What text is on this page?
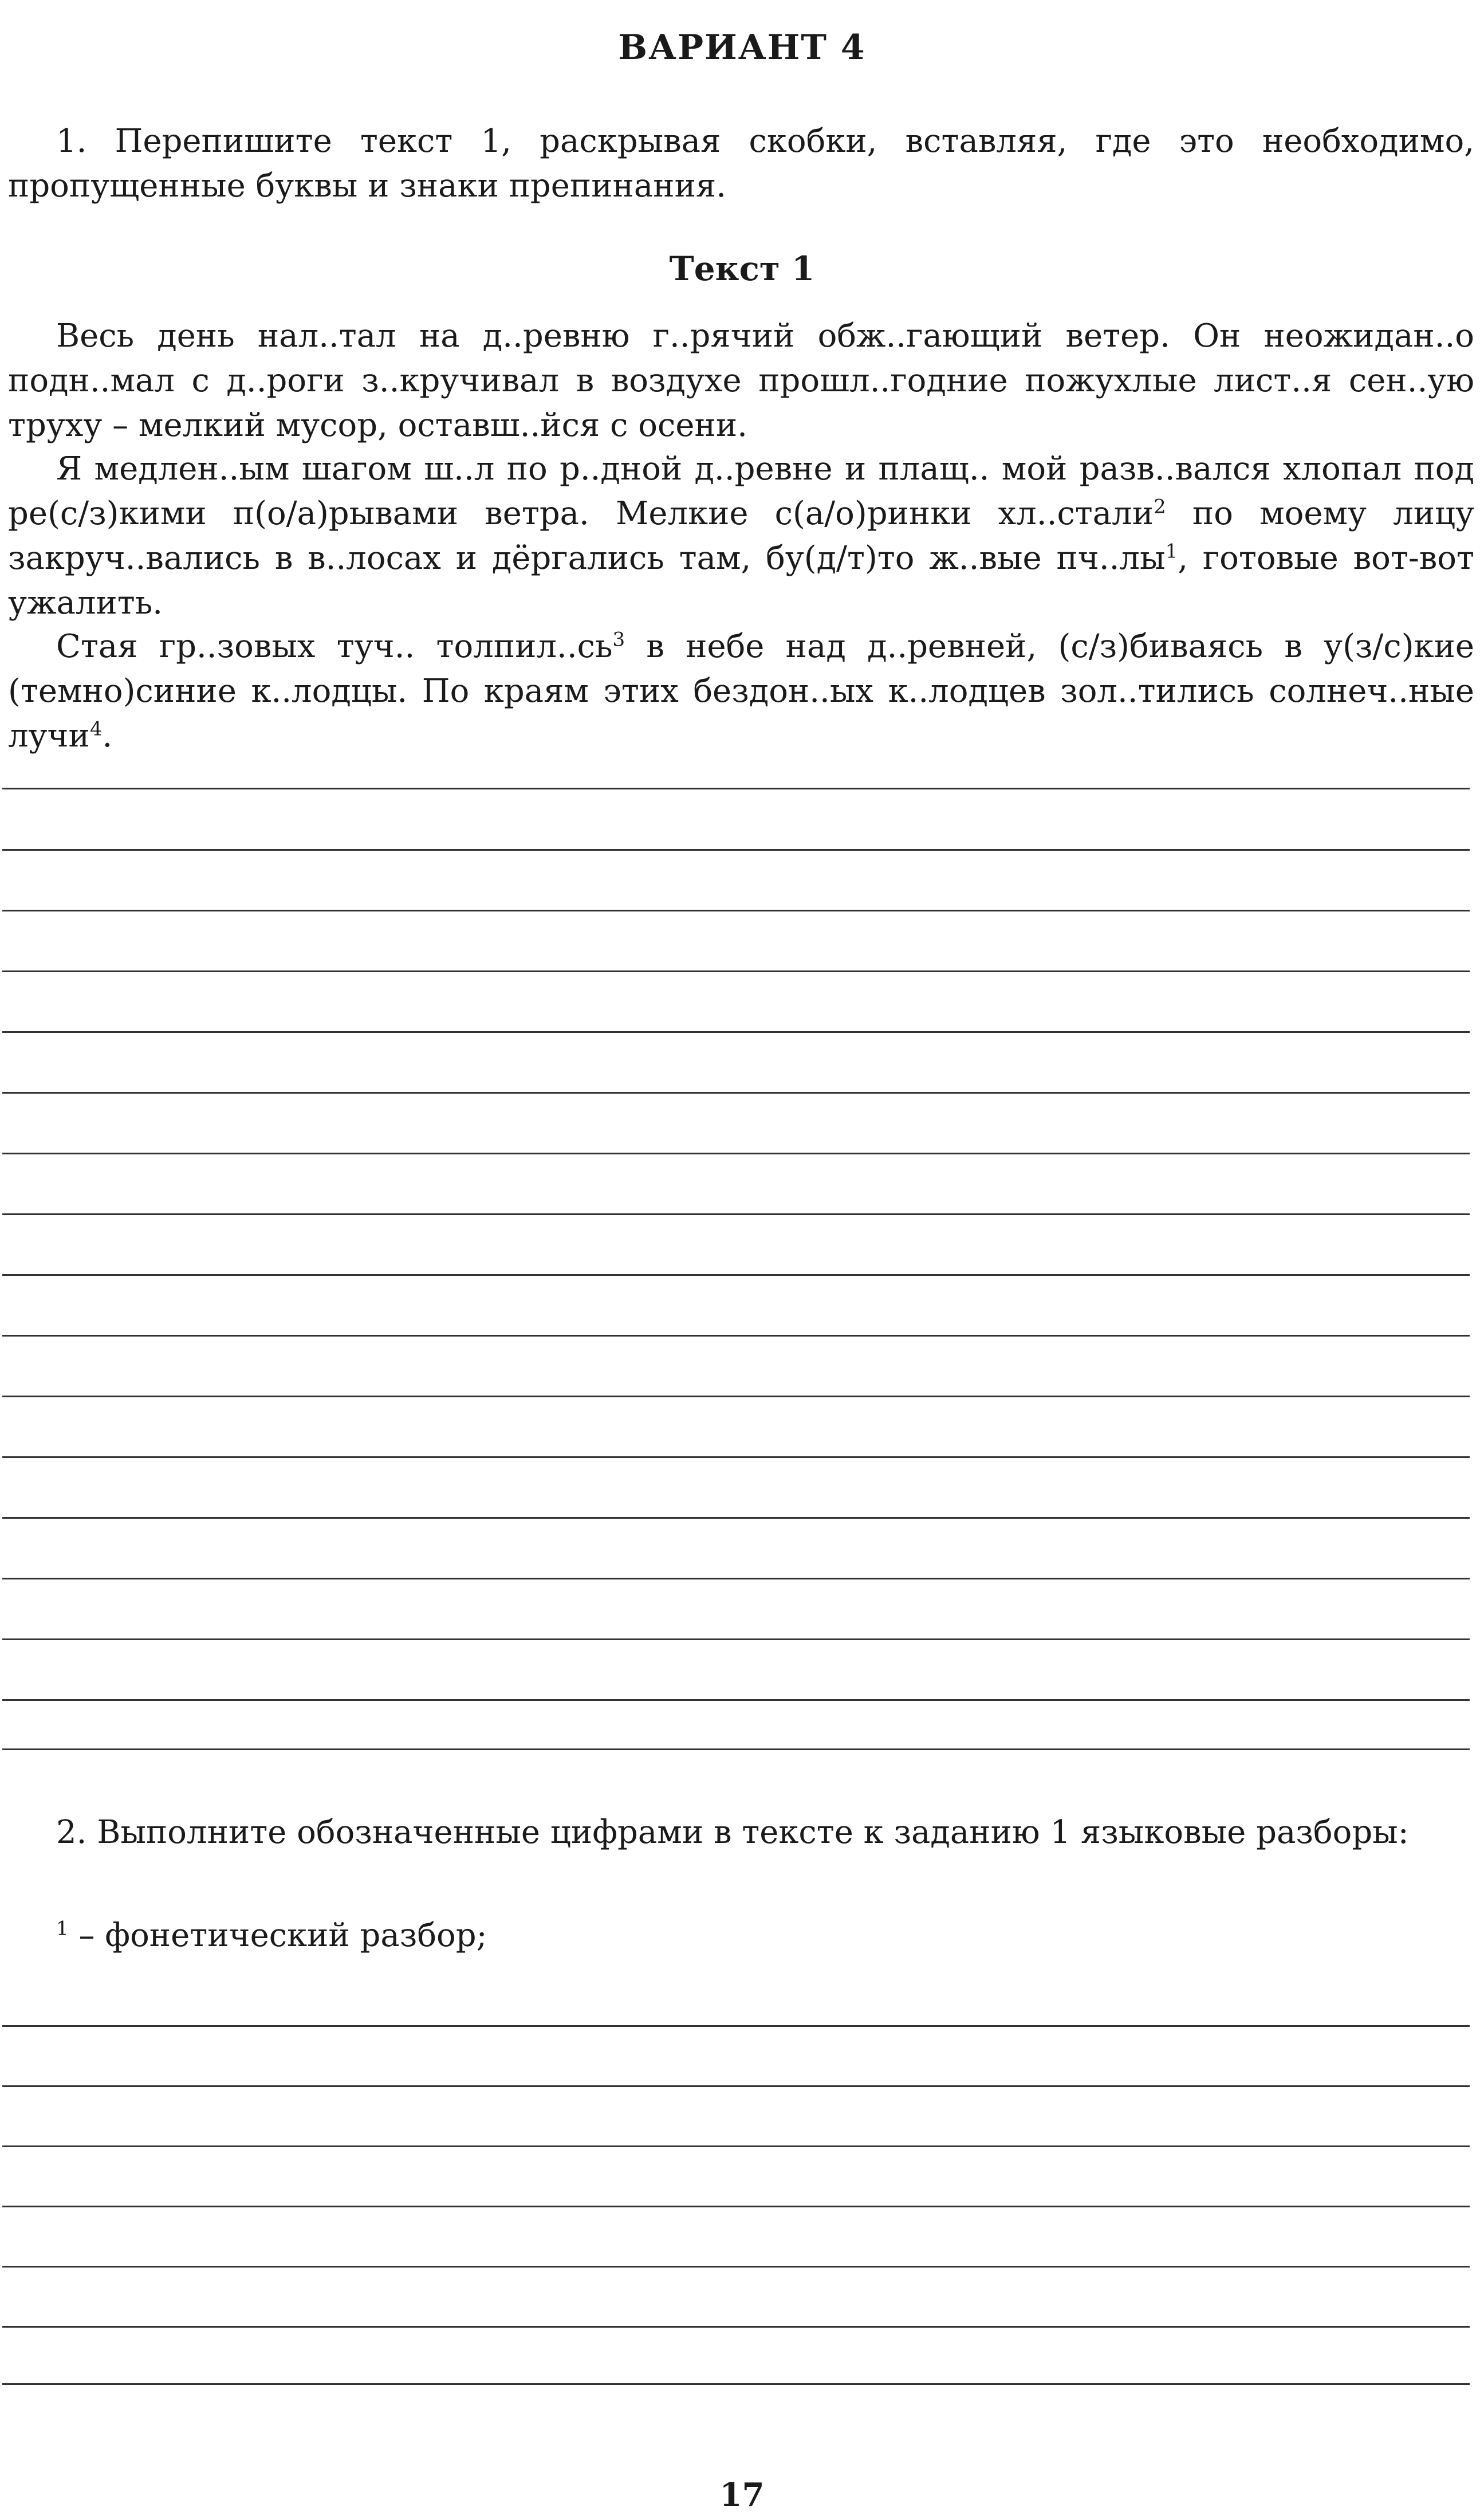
ВАРИАНТ 4

1. Перепишите текст 1, раскрывая скобки, вставляя, где это необходимо, пропущенные буквы и знаки препинания.

Текст 1

Весь день нал..тал на д..ревню г..рячий обж..гающий ветер. Он неожидан..о подн..мал с д..роги з..кручивал в воздухе прошл..годние пожухлые лист..я сен..ую труху – мелкий мусор, оставш..йся с осени.

Я медлен..ым шагом ш..л по р..дной д..ревне и плащ.. мой разв..вался хлопал под ре(с/з)кими п(о/а)рывами ветра. Мелкие с(а/о)ринки хл..стали$^2$ по моему лицу закруч..вались в в..лосах и дёргались там, бу(д/т)то ж..вые $пч..лы^1$, готовые вот-вот ужалить.

Стая гр..зовых туч.. $толпил..сь^3$ в небе над д..ревней, (с/з)биваясь в у(з/с)кие (темно)синие к..лодцы. По краям этих бездон..ых к..лодцев зол..тились солнеч..ные лучи$^4$.

2. Выполните обозначенные цифрами в тексте к заданию 1 языковые разборы:

$^1$ – фонетический разбор;

17
